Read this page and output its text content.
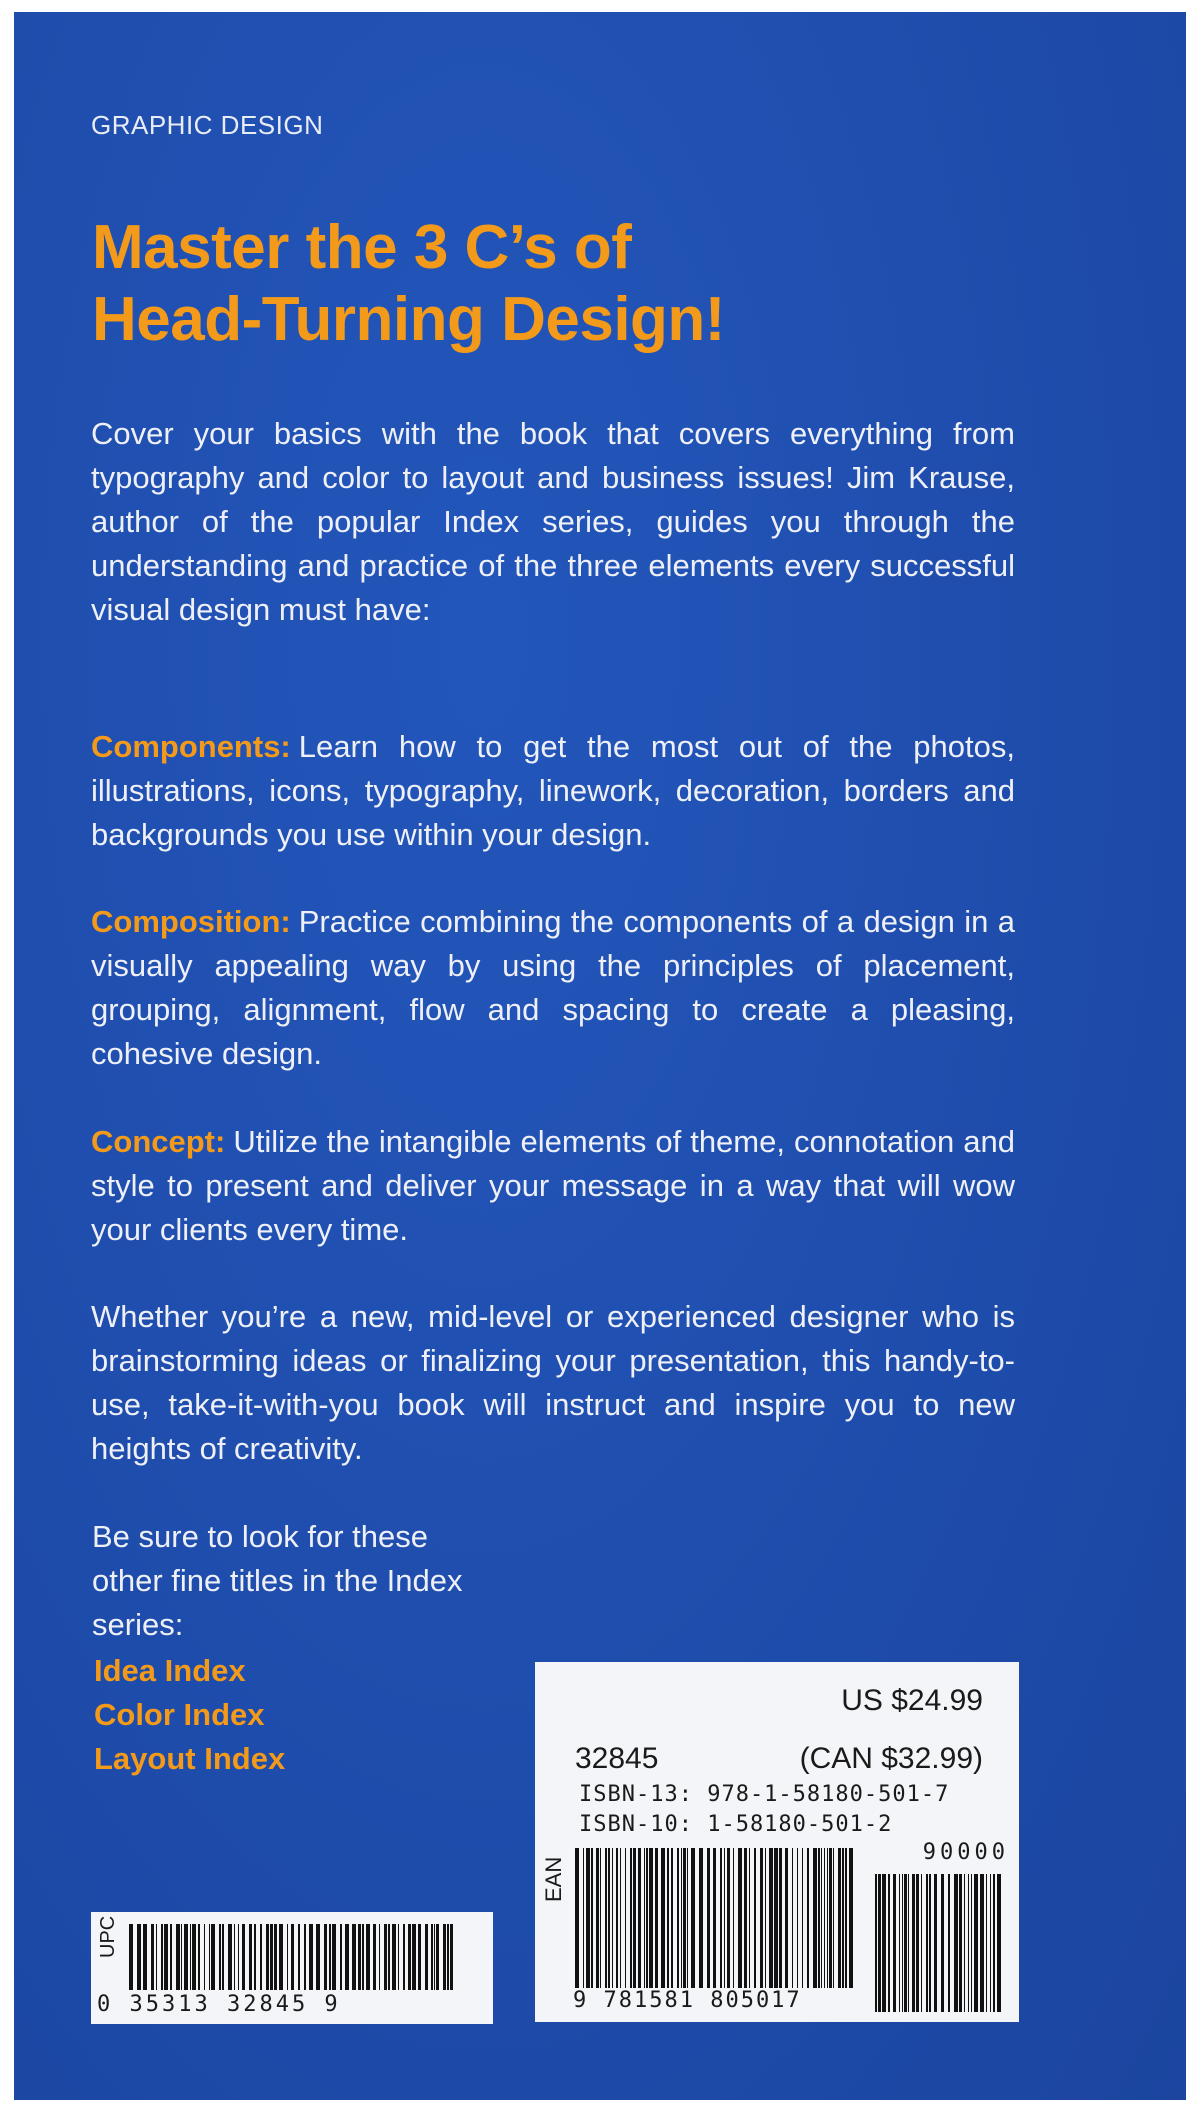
GRAPHIC DESIGN
Master the 3 C’s of
Head-Turning Design!

Cover your basics with the book that covers everything from typography and color to layout and business issues! Jim Krause, author of the popular Index series, guides you through the understanding and practice of the three elements every successful visual design must have:

Components: Learn how to get the most out of the photos, illustrations, icons, typography, linework, decoration, borders and backgrounds you use within your design.

Composition: Practice combining the components of a design in a visually appealing way by using the principles of placement, grouping, alignment, flow and spacing to create a pleasing, cohesive design.

Concept: Utilize the intangible elements of theme, connotation and style to present and deliver your message in a way that will wow your clients every time.

Whether you’re a new, mid-level or experienced designer who is brainstorming ideas or finalizing your presentation, this handy-to-use, take-it-with-you book will instruct and inspire you to new heights of creativity.

Be sure to look for these other fine titles in the Index series:
Idea Index
Color Index
Layout Index
US $24.99
32845	(CAN $32.99)
ISBN-13: 978-1-58180-501-7
ISBN-10: 1-58180-501-2
90000
EAN
9 781581 805017
UPC
0 35313 32845 9
